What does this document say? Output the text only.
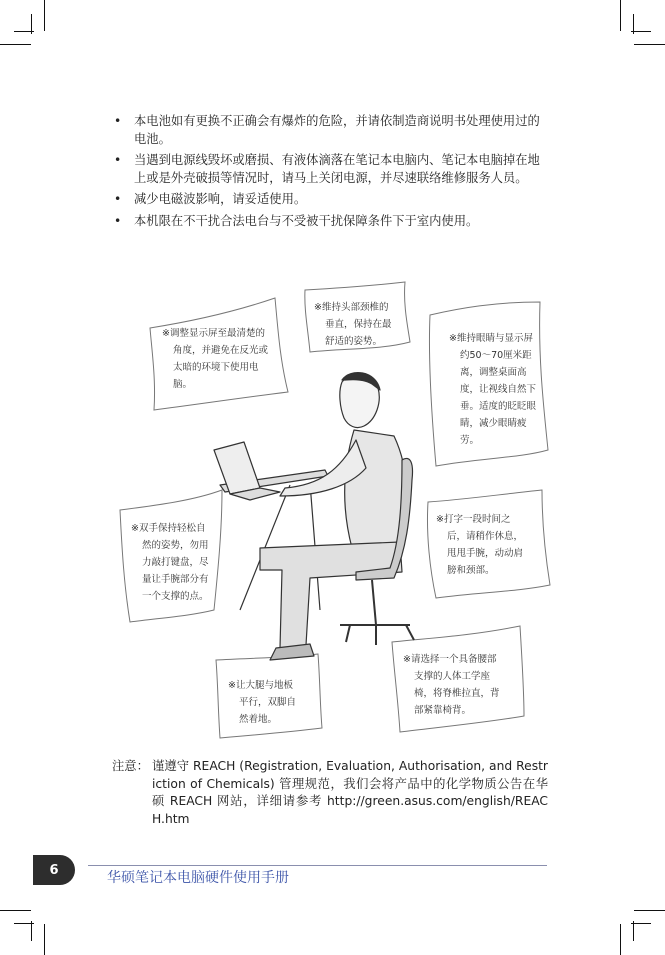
• 本电池如有更换不正确会有爆炸的危险，并请依制造商说明书处理使用过的电池。
• 当遇到电源线毁坏或磨损、有液体滴落在笔记本电脑内、笔记本电脑掉在地上或是外壳破损等情况时，请马上关闭电源，并尽速联络维修服务人员。
• 减少电磁波影响，请妥适使用。
• 本机限在不干扰合法电台与不受被干扰保障条件下于室内使用。
※调整显示屏至最清楚的
角度，并避免在反光或
太暗的环境下使用电
脑。
※维持头部颈椎的
垂直，保持在最
舒适的姿势。	※维持眼睛与显示屏
约50～70厘米距
离，调整桌面高
度，让视线自然下
垂。适度的眨眨眼
睛，减少眼睛疲
劳。
※双手保持轻松自
然的姿势，勿用
力敲打键盘，尽
量让手腕部分有
一个支撑的点。
※打字一段时间之
后，请稍作休息，
甩甩手腕，动动肩
膀和颈部。
※请选择一个具备腰部
支撑的人体工学座
椅，将脊椎拉直，背
部紧靠椅背。
※让大腿与地板
平行，双脚自
然着地。
注意： 谨遵守 REACH (Registration, Evaluation, Authorisation, and Restriction of Chemicals) 管理规范，我们会将产品中的化学物质公告在华硕 REACH 网站，详细请参考 http://green.asus.com/english/REACH.htm
6	华硕笔记本电脑硬件使用手册
